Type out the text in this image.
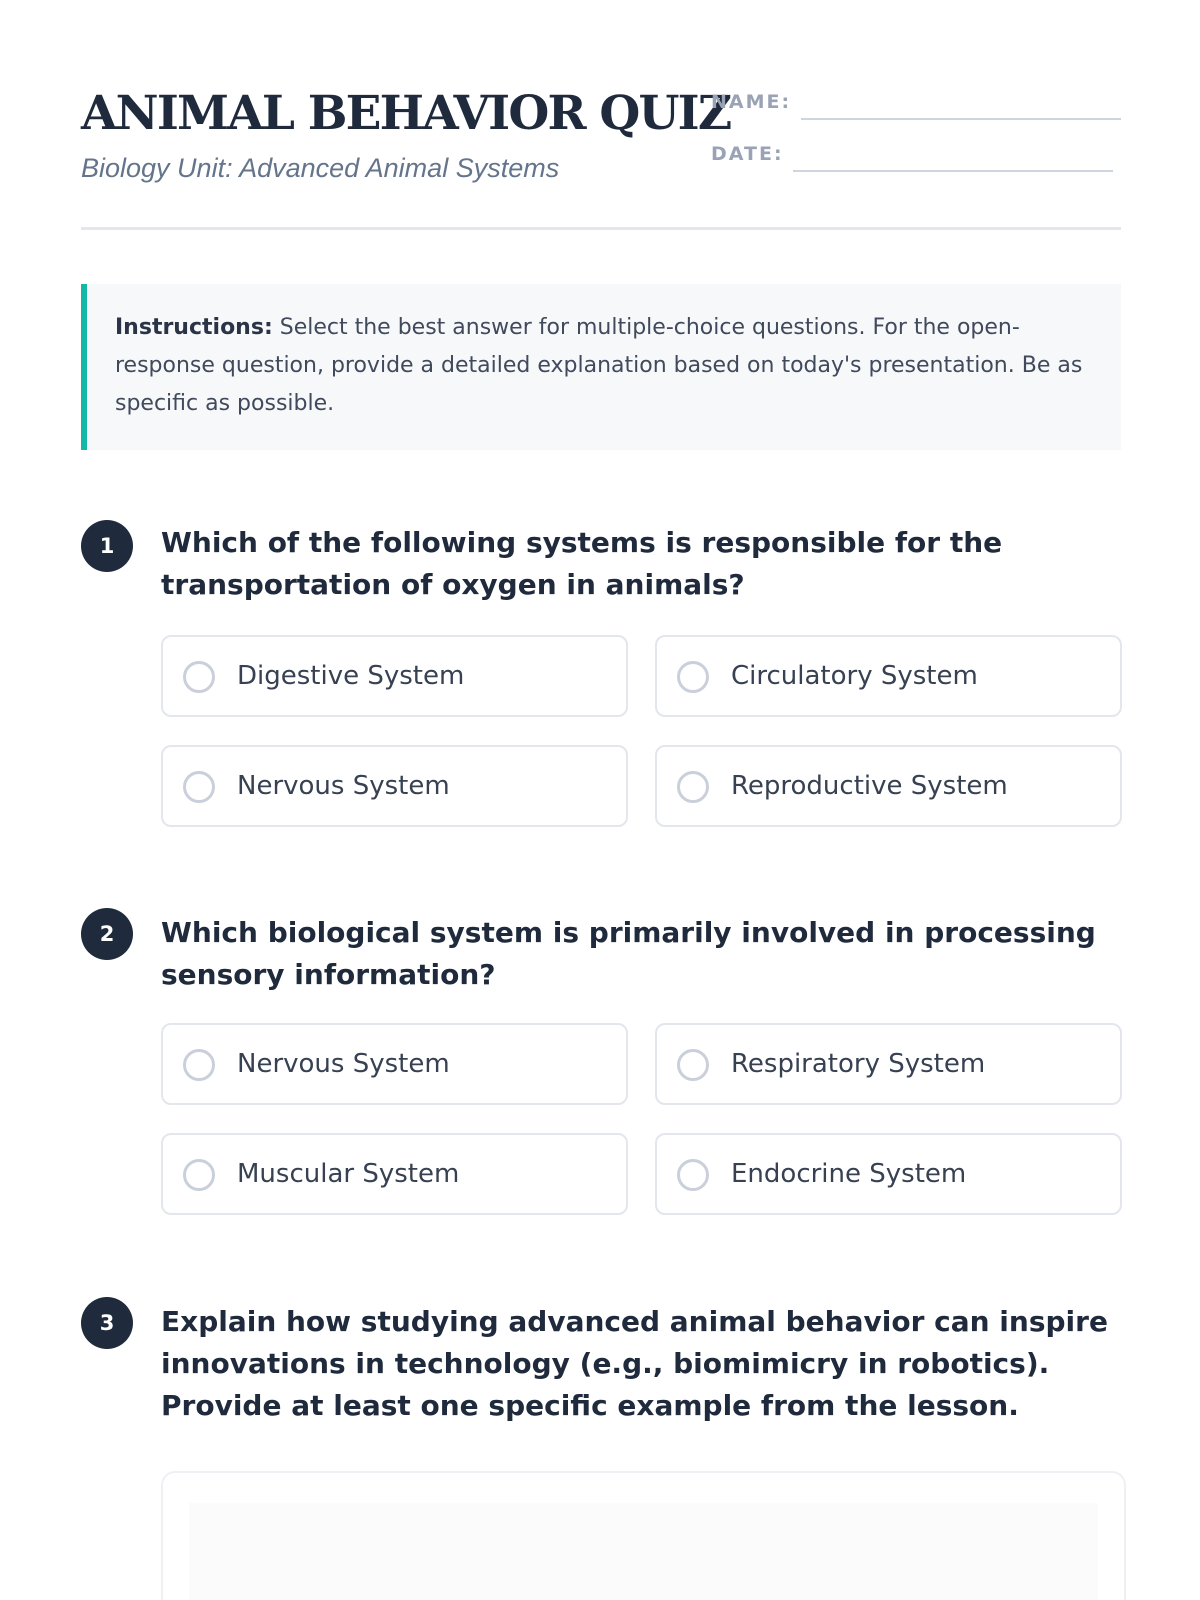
ANIMAL BEHAVIOR QUIZ
Biology Unit: Advanced Animal Systems
NAME:
DATE:
Instructions: Select the best answer for multiple-choice questions. For the open-response question, provide a detailed explanation based on today's presentation. Be as specific as possible.
1	Which of the following systems is responsible for the transportation of oxygen in animals?
Digestive System	Circulatory System
Nervous System	Reproductive System
2	Which biological system is primarily involved in processing sensory information?
Nervous System	Respiratory System
Muscular System	Endocrine System
3	Explain how studying advanced animal behavior can inspire innovations in technology (e.g., biomimicry in robotics). Provide at least one specific example from the lesson.
